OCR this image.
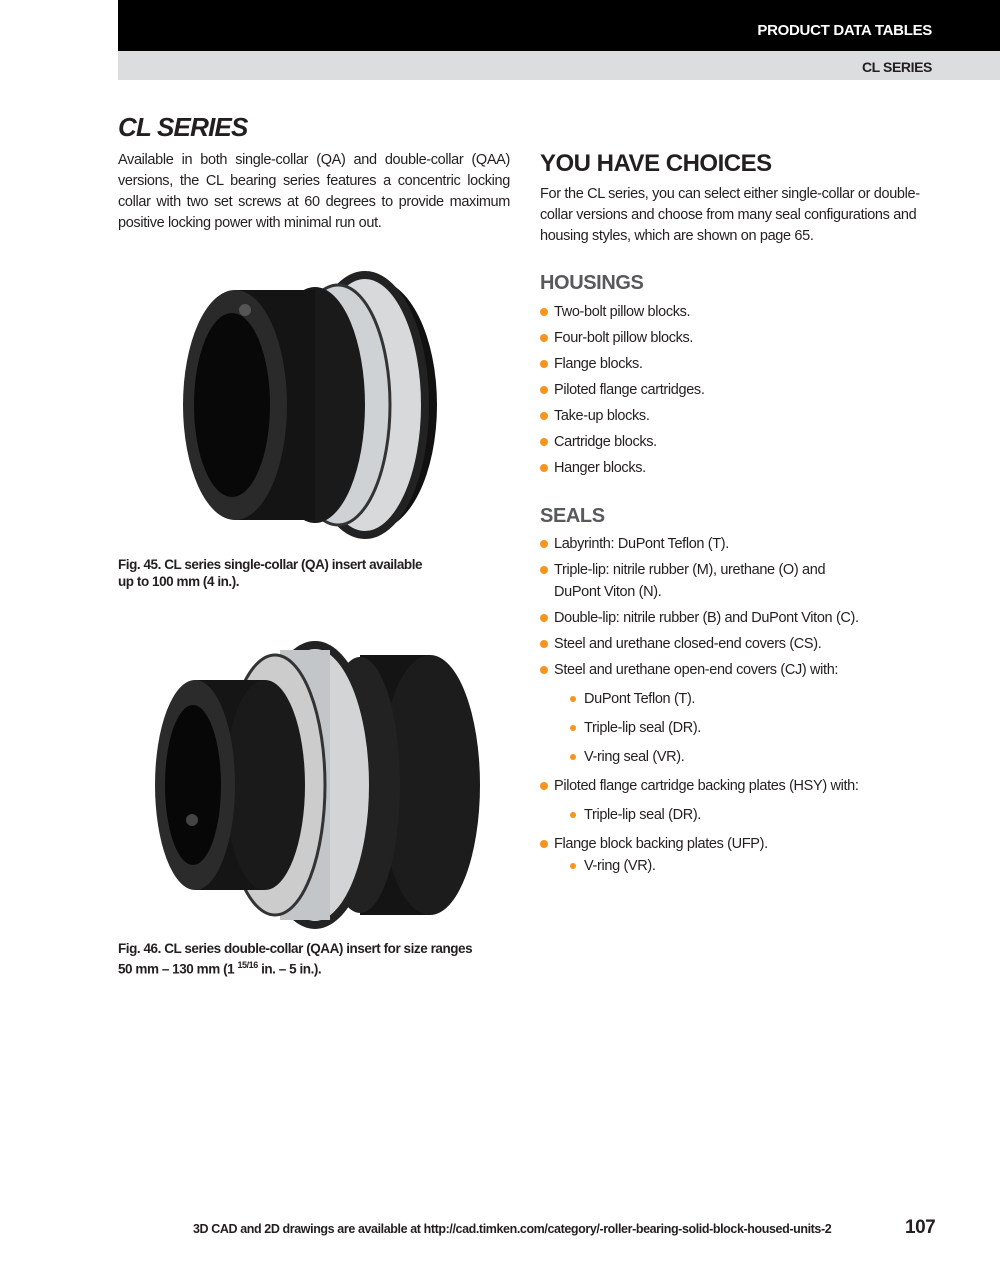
PRODUCT DATA TABLES
CL SERIES
CL SERIES
Available in both single-collar (QA) and double-collar (QAA) versions, the CL bearing series features a concentric locking collar with two set screws at 60 degrees to provide maximum positive locking power with minimal run out.
Fig. 45. CL series single-collar (QA) insert available
up to 100 mm (4 in.).
Fig. 46. CL series double-collar (QAA) insert for size ranges
50 mm – 130 mm (1 $^{15/16}$ in. – 5 in.).
YOU HAVE CHOICES
For the CL series, you can select either single-collar or double-collar versions and choose from many seal configurations and housing styles, which are shown on page 65.
HOUSINGS
Two-bolt pillow blocks.
Four-bolt pillow blocks.
Flange blocks.
Piloted flange cartridges.
Take-up blocks.
Cartridge blocks.
Hanger blocks.
SEALS
Labyrinth: DuPont Teflon (T).
Triple-lip: nitrile rubber (M), urethane (O) and DuPont Viton (N).
Double-lip: nitrile rubber (B) and DuPont Viton (C).
Steel and urethane closed-end covers (CS).
Steel and urethane open-end covers (CJ) with:
DuPont Teflon (T).
Triple-lip seal (DR).
V-ring seal (VR).
Piloted flange cartridge backing plates (HSY) with:
Triple-lip seal (DR).
Flange block backing plates (UFP).
V-ring (VR).
3D CAD and 2D drawings are available at http://cad.timken.com/category/-roller-bearing-solid-block-housed-units-2	107
